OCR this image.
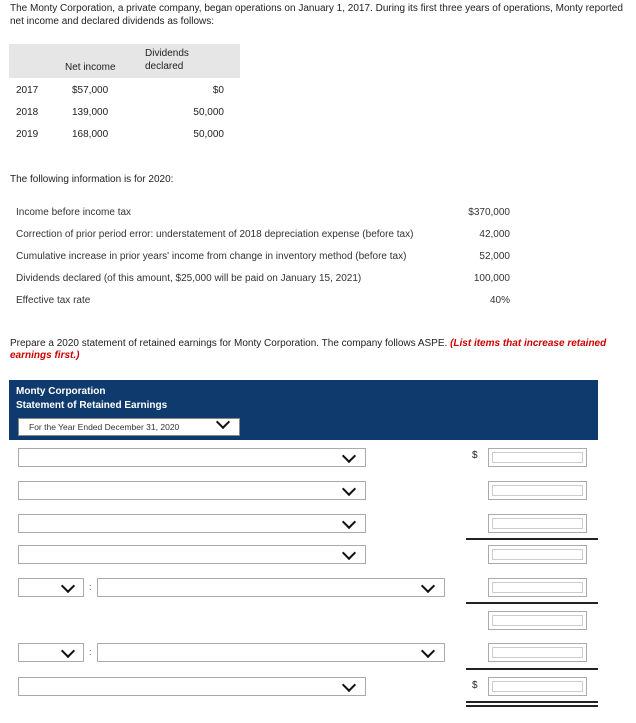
The Monty Corporation, a private company, began operations on January 1, 2017. During its first three years of operations, Monty reported net income and declared dividends as follows:
Net income
Dividends declared
2017	$57,000	$0
2018	139,000	50,000
2019	168,000	50,000
The following information is for 2020:
Income before income tax	$370,000
Correction of prior period error: understatement of 2018 depreciation expense (before tax)	42,000
Cumulative increase in prior years' income from change in inventory method (before tax)	52,000
Dividends declared (of this amount, $25,000 will be paid on January 15, 2021)	100,000
Effective tax rate	40%
Prepare a 2020 statement of retained earnings for Monty Corporation. The company follows ASPE. (List items that increase retained earnings first.)
Monty Corporation
Statement of Retained Earnings
For the Year Ended December 31, 2020
$
:
:
$
